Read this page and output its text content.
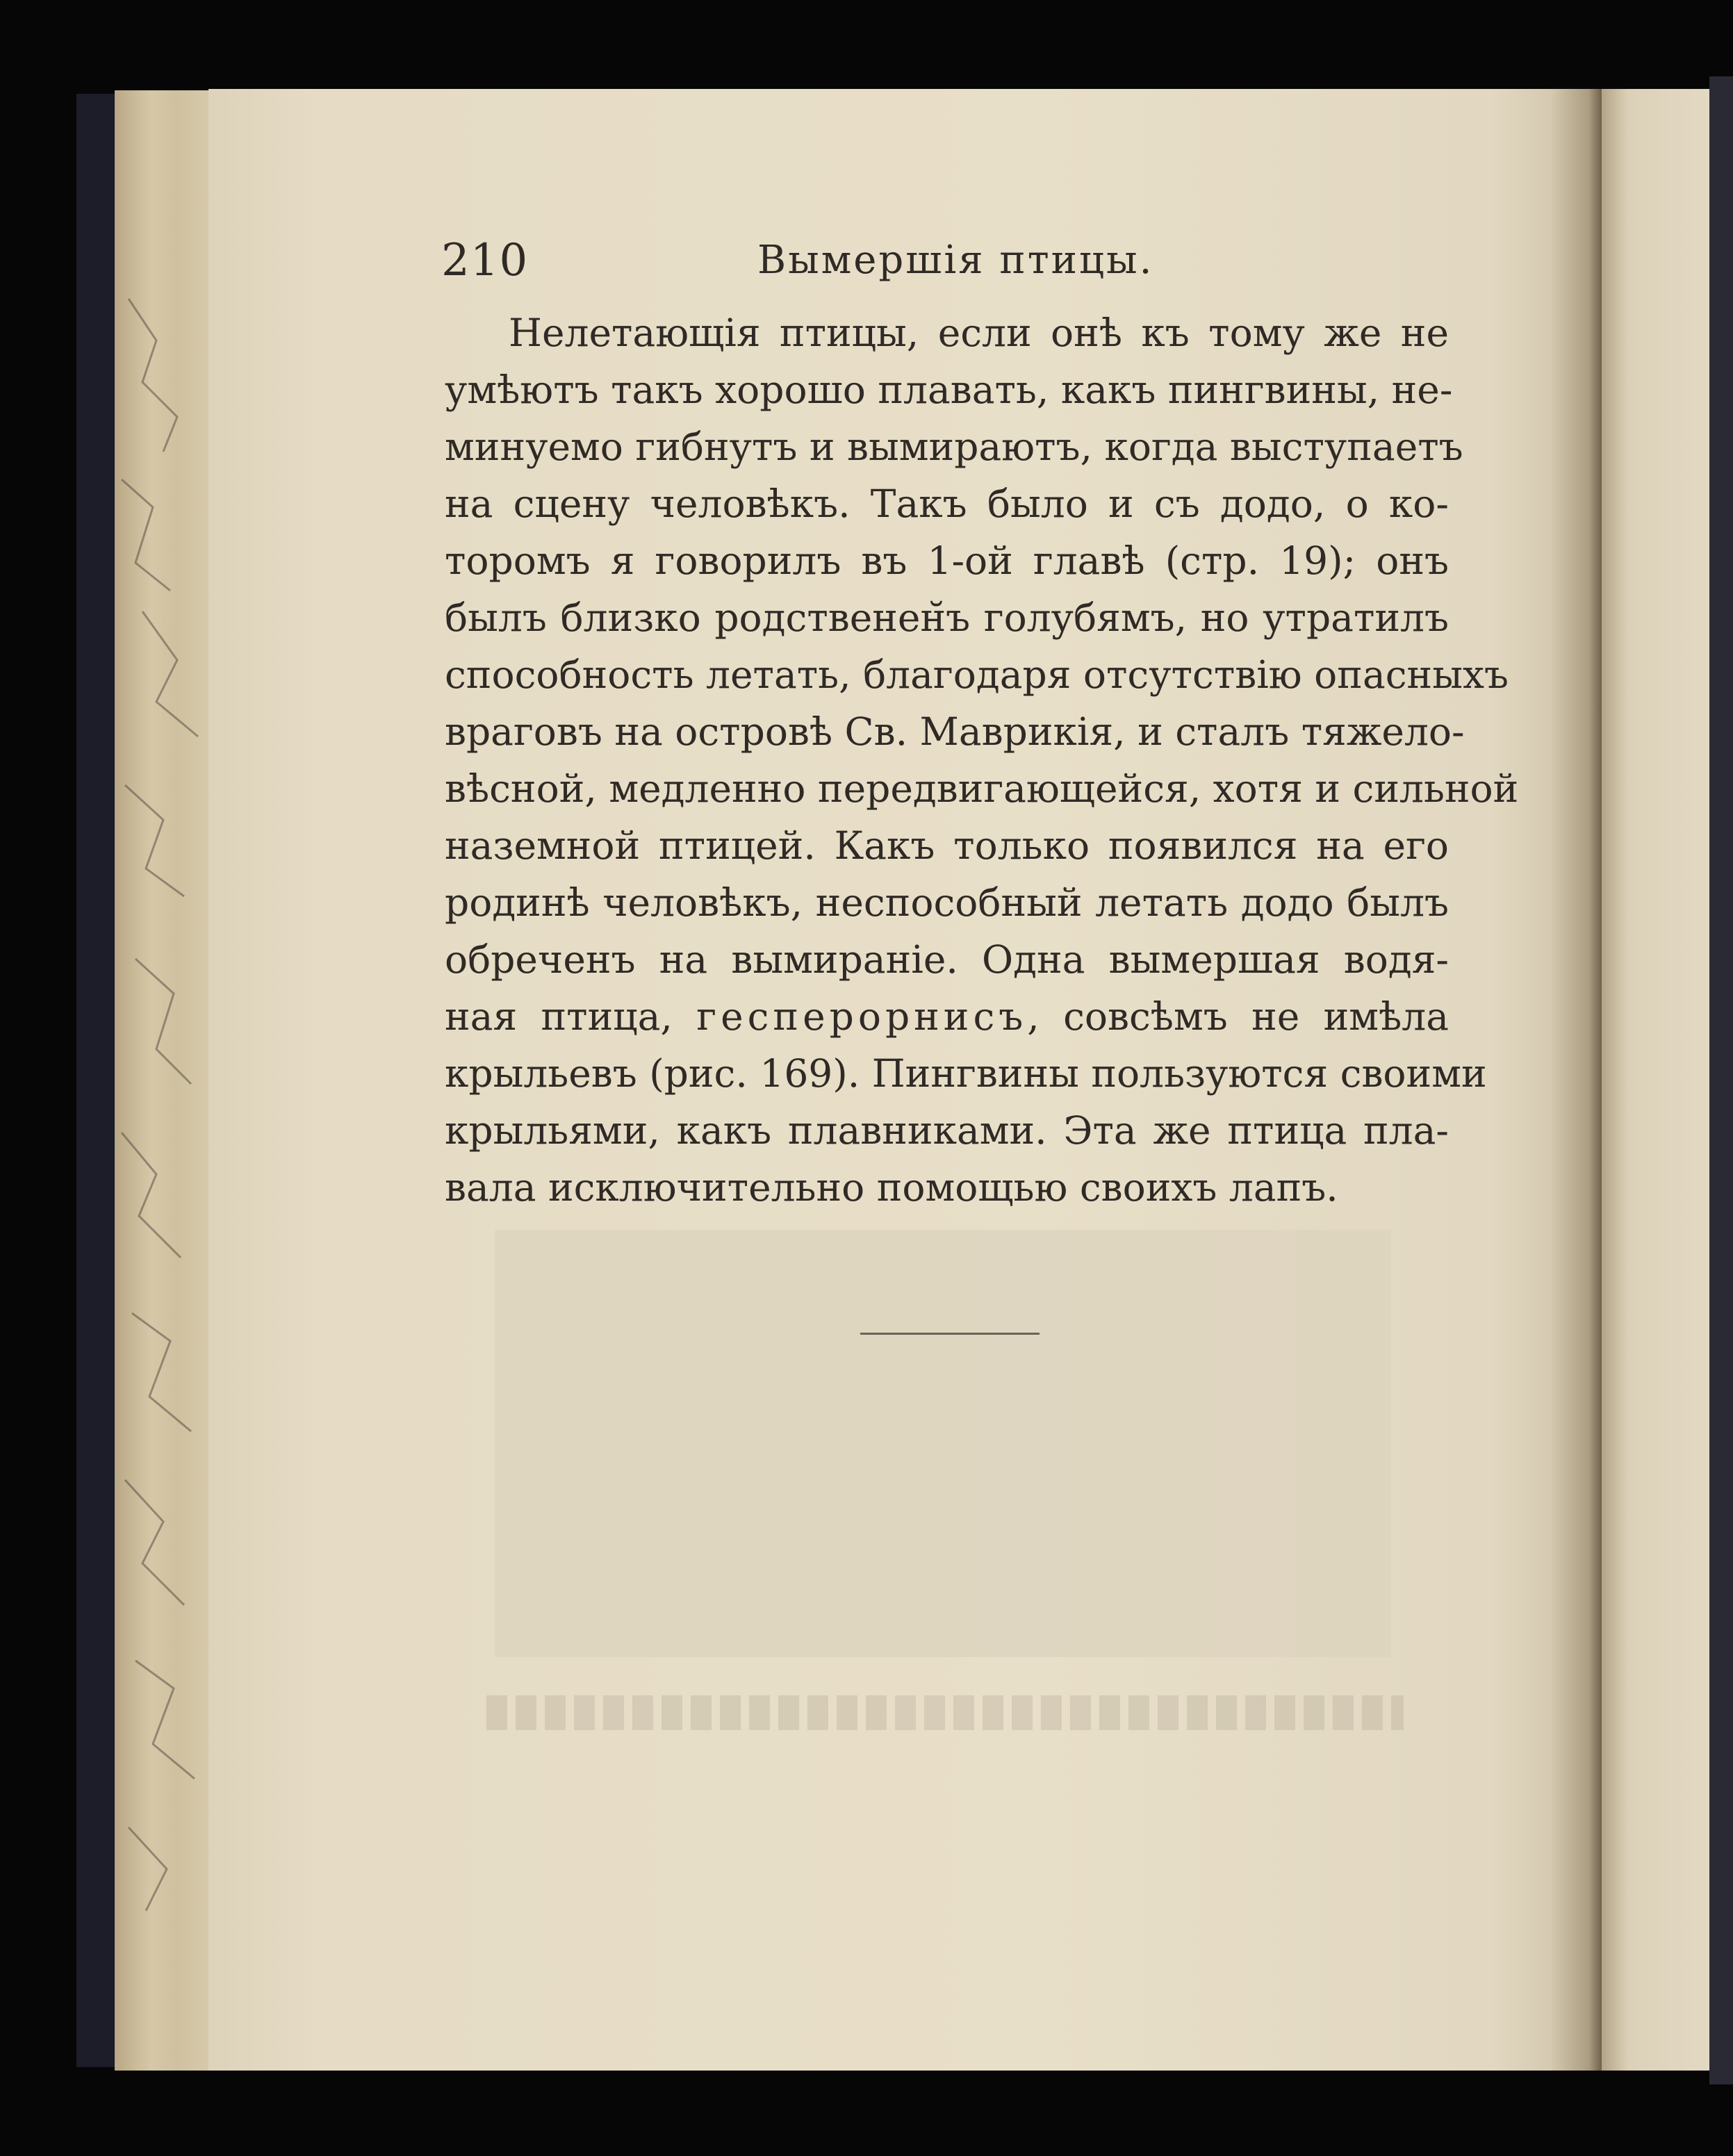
210	Вымершія птицы.
Нелетающія птицы, если онѣ къ тому же не
умѣютъ такъ хорошо плавать, какъ пингвины, не-
минуемо гибнутъ и вымираютъ, когда выступаетъ
на сцену человѣкъ. Такъ было и съ додо, о ко-
торомъ я говорилъ въ 1-ой главѣ (стр. 19); онъ
былъ близко родственен̆ъ голубямъ, но утратилъ
способность летать, благодаря отсутствію опасныхъ
враговъ на островѣ Св. Маврикія, и сталъ тяжело-
вѣсной, медленно передвигающейся, хотя и сильной
наземной птицей. Какъ только появился на его
родинѣ человѣкъ, неспособный летать додо былъ
обреченъ на вымираніе. Одна вымершая водя-
ная птица, гесперорнисъ, совсѣмъ не имѣла
крыльевъ (рис. 169). Пингвины пользуются своими
крыльями, какъ плавниками. Эта же птица пла-
вала исключительно помощью своихъ лапъ.
